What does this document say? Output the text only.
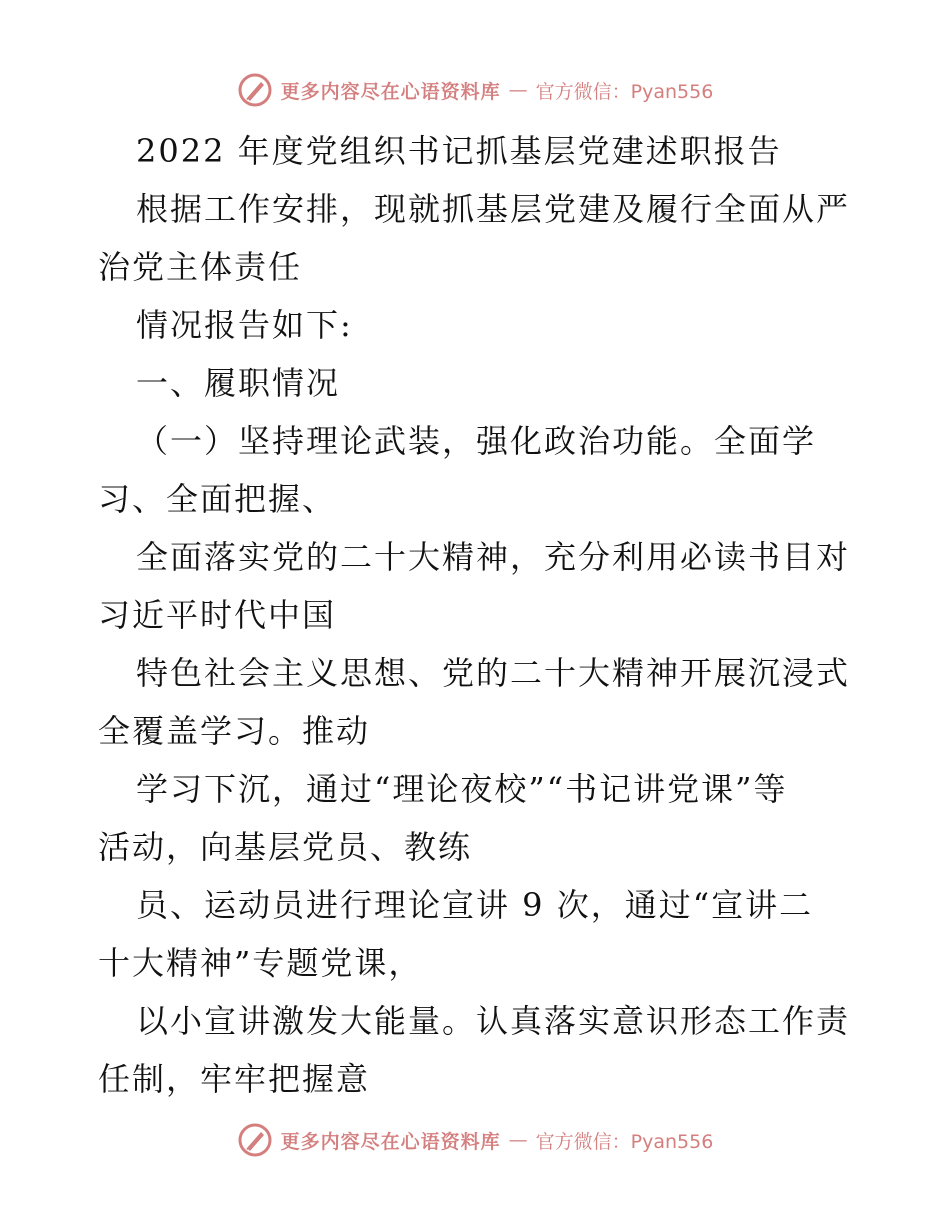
更多内容尽在心语资料库 — 官方微信：Pyan556
2022 年度党组织书记抓基层党建述职报告
根据工作安排，现就抓基层党建及履行全面从严
治党主体责任
情况报告如下:
一、履职情况
（一）坚持理论武装，强化政治功能。全面学
习、全面把握、
全面落实党的二十大精神，充分利用必读书目对
习近平时代中国
特色社会主义思想、党的二十大精神开展沉浸式
全覆盖学习。推动
学习下沉，通过“理论夜校”“书记讲党课”等
活动，向基层党员、教练
员、运动员进行理论宣讲 9 次，通过“宣讲二
十大精神”专题党课，
以小宣讲激发大能量。认真落实意识形态工作责
任制，牢牢把握意
更多内容尽在心语资料库 — 官方微信：Pyan556
